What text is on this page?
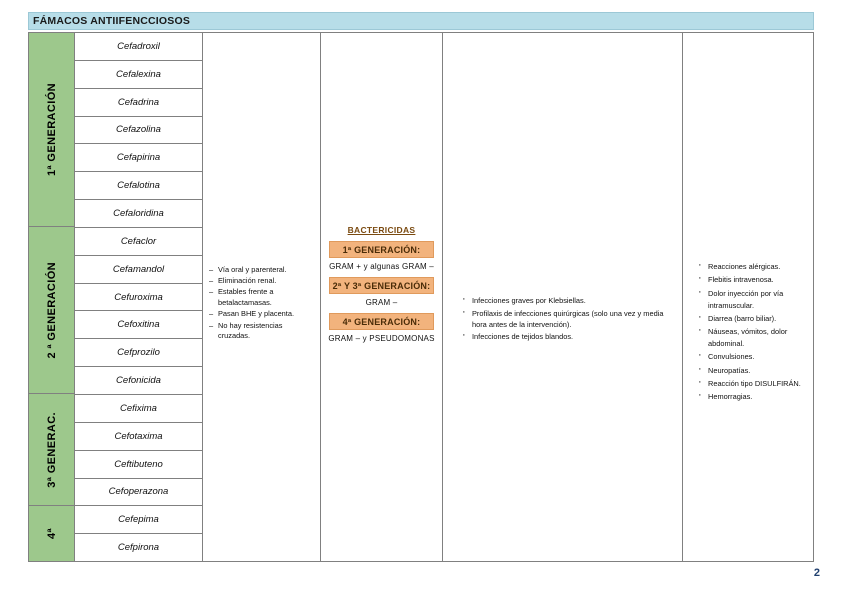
FÁMACOS ANTIIFENCCIOSOS
1ª GENERACIÓN
2 ª GENERACIÓN
3ª GENERAC.
4ª
Cefadroxil
Cefalexina
Cefadrina
Cefazolina
Cefapirina
Cefalotina
Cefaloridina
Cefaclor
Cefamandol
Cefuroxima
Cefoxitina
Cefprozilo
Cefonicida
Cefixima
Cefotaxima
Ceftibuteno
Cefoperazona
Cefepima
Cefpirona
– Vía oral y parenteral.
– Eliminación renal.
– Estables frente a betalactamasas.
– Pasan BHE y placenta.
– No hay resistencias cruzadas.
BACTERICIDAS
1ª GENERACIÓN:
GRAM + y algunas GRAM –
2ª Y 3ª GENERACIÓN:
GRAM –
4ª GENERACIÓN:
GRAM – y PSEUDOMONAS
· Infecciones graves por Klebsiellas.
· Profilaxis de infecciones quirúrgicas (solo una vez y media hora antes de la intervención).
· Infecciones de tejidos blandos.
· Reacciones alérgicas.
· Flebitis intravenosa.
· Dolor inyección por vía intramuscular.
· Diarrea (barro biliar).
· Náuseas, vómitos, dolor abdominal.
· Convulsiones.
· Neuropatías.
· Reacción tipo DISULFIRÁN.
· Hemorragias.
2
